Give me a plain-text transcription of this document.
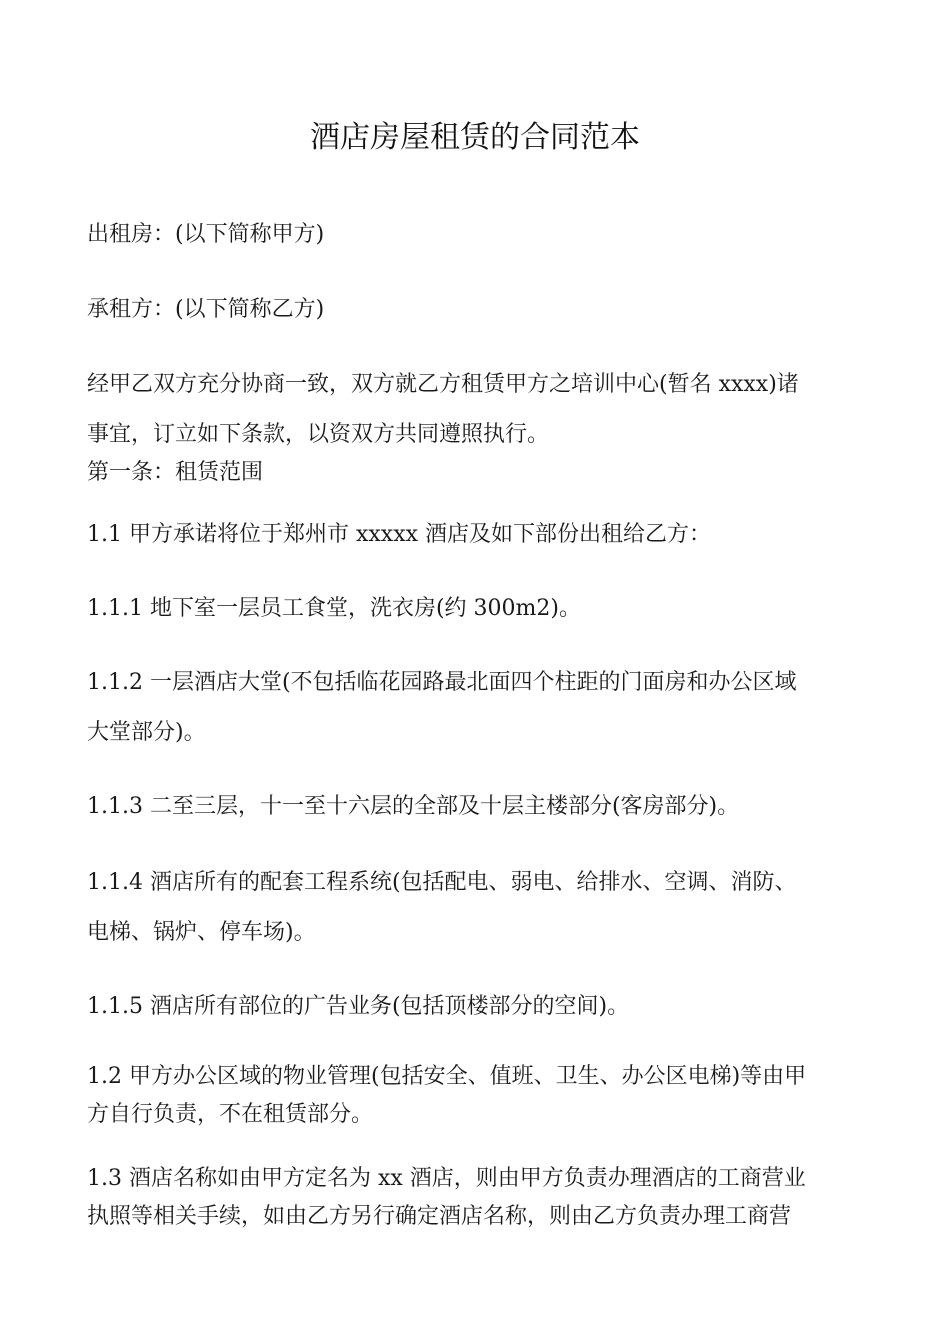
酒店房屋租赁的合同范本
出租房：(以下简称甲方)
承租方：(以下简称乙方)
经甲乙双方充分协商一致，双方就乙方租赁甲方之培训中心(暂名 xxxx)诸
事宜，订立如下条款，以资双方共同遵照执行。
第一条：租赁范围
1.1 甲方承诺将位于郑州市 xxxxx 酒店及如下部份出租给乙方：
1.1.1 地下室一层员工食堂，洗衣房(约 300m2)。
1.1.2 一层酒店大堂(不包括临花园路最北面四个柱距的门面房和办公区域
大堂部分)。
1.1.3 二至三层，十一至十六层的全部及十层主楼部分(客房部分)。
1.1.4 酒店所有的配套工程系统(包括配电、弱电、给排水、空调、消防、
电梯、锅炉、停车场)。
1.1.5 酒店所有部位的广告业务(包括顶楼部分的空间)。
1.2 甲方办公区域的物业管理(包括安全、值班、卫生、办公区电梯)等由甲
方自行负责，不在租赁部分。
1.3 酒店名称如由甲方定名为 xx 酒店，则由甲方负责办理酒店的工商营业
执照等相关手续，如由乙方另行确定酒店名称，则由乙方负责办理工商营
